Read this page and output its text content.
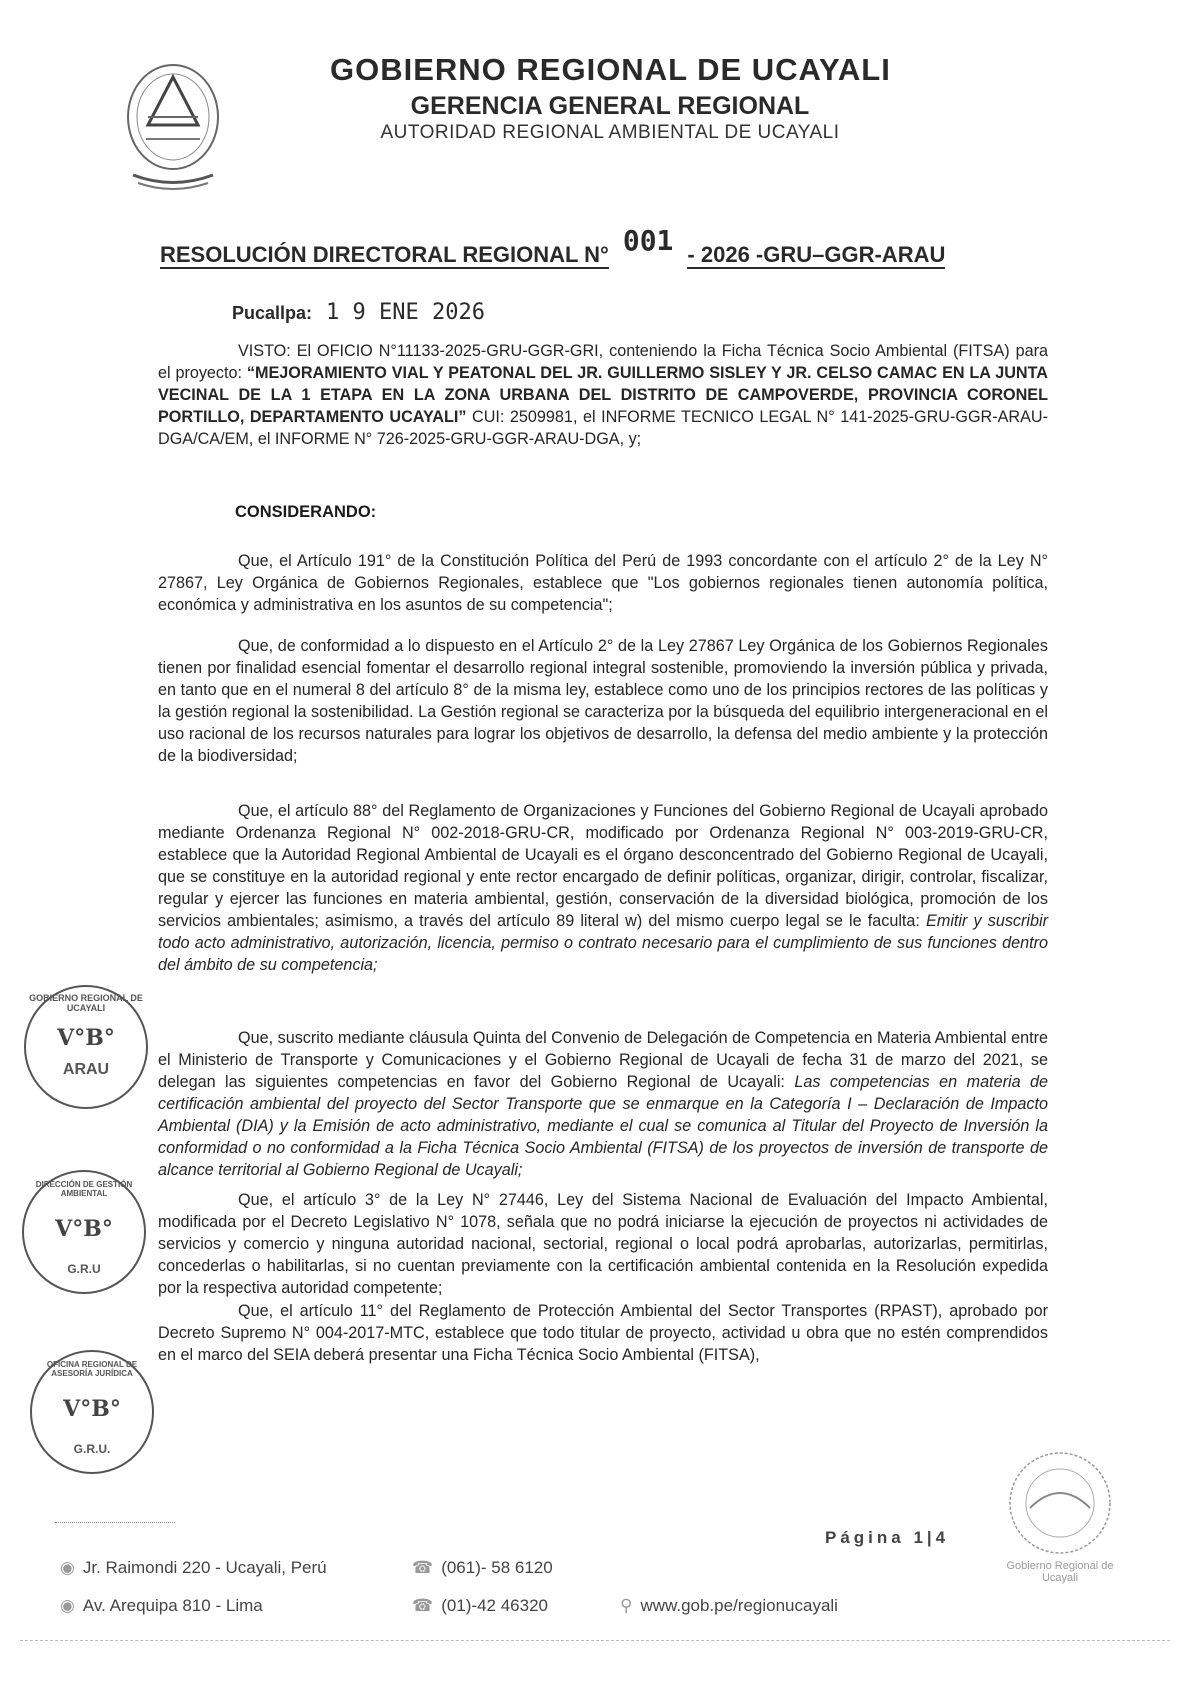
GOBIERNO REGIONAL DE UCAYALI
GERENCIA GENERAL REGIONAL
AUTORIDAD REGIONAL AMBIENTAL DE UCAYALI
RESOLUCIÓN DIRECTORAL REGIONAL N° 001 - 2026 -GRU–GGR-ARAU
Pucallpa: 1 9 ENE 2026
VISTO: El OFICIO N°11133-2025-GRU-GGR-GRI, conteniendo la Ficha Técnica Socio Ambiental (FITSA) para el proyecto: “MEJORAMIENTO VIAL Y PEATONAL DEL JR. GUILLERMO SISLEY Y JR. CELSO CAMAC EN LA JUNTA VECINAL DE LA 1 ETAPA EN LA ZONA URBANA DEL DISTRITO DE CAMPOVERDE, PROVINCIA CORONEL PORTILLO, DEPARTAMENTO UCAYALI” CUI: 2509981, el INFORME TECNICO LEGAL N° 141-2025-GRU-GGR-ARAU-DGA/CA/EM, el INFORME N° 726-2025-GRU-GGR-ARAU-DGA, y;
CONSIDERANDO:
Que, el Artículo 191° de la Constitución Política del Perú de 1993 concordante con el artículo 2° de la Ley N° 27867, Ley Orgánica de Gobiernos Regionales, establece que "Los gobiernos regionales tienen autonomía política, económica y administrativa en los asuntos de su competencia";
Que, de conformidad a lo dispuesto en el Artículo 2° de la Ley 27867 Ley Orgánica de los Gobiernos Regionales tienen por finalidad esencial fomentar el desarrollo regional integral sostenible, promoviendo la inversión pública y privada, en tanto que en el numeral 8 del artículo 8° de la misma ley, establece como uno de los principios rectores de las políticas y la gestión regional la sostenibilidad. La Gestión regional se caracteriza por la búsqueda del equilibrio intergeneracional en el uso racional de los recursos naturales para lograr los objetivos de desarrollo, la defensa del medio ambiente y la protección de la biodiversidad;
Que, el artículo 88° del Reglamento de Organizaciones y Funciones del Gobierno Regional de Ucayali aprobado mediante Ordenanza Regional N° 002-2018-GRU-CR, modificado por Ordenanza Regional N° 003-2019-GRU-CR, establece que la Autoridad Regional Ambiental de Ucayali es el órgano desconcentrado del Gobierno Regional de Ucayali, que se constituye en la autoridad regional y ente rector encargado de definir políticas, organizar, dirigir, controlar, fiscalizar, regular y ejercer las funciones en materia ambiental, gestión, conservación de la diversidad biológica, promoción de los servicios ambientales; asimismo, a través del artículo 89 literal w) del mismo cuerpo legal se le faculta: Emitir y suscribir todo acto administrativo, autorización, licencia, permiso o contrato necesario para el cumplimiento de sus funciones dentro del ámbito de su competencia;
Que, suscrito mediante cláusula Quinta del Convenio de Delegación de Competencia en Materia Ambiental entre el Ministerio de Transporte y Comunicaciones y el Gobierno Regional de Ucayali de fecha 31 de marzo del 2021, se delegan las siguientes competencias en favor del Gobierno Regional de Ucayali: Las competencias en materia de certificación ambiental del proyecto del Sector Transporte que se enmarque en la Categoría I – Declaración de Impacto Ambiental (DIA) y la Emisión de acto administrativo, mediante el cual se comunica al Titular del Proyecto de Inversión la conformidad o no conformidad a la Ficha Técnica Socio Ambiental (FITSA) de los proyectos de inversión de transporte de alcance territorial al Gobierno Regional de Ucayali;
Que, el artículo 3° de la Ley N° 27446, Ley del Sistema Nacional de Evaluación del Impacto Ambiental, modificada por el Decreto Legislativo N° 1078, señala que no podrá iniciarse la ejecución de proyectos ni actividades de servicios y comercio y ninguna autoridad nacional, sectorial, regional o local podrá aprobarlas, autorizarlas, permitirlas, concederlas o habilitarlas, si no cuentan previamente con la certificación ambiental contenida en la Resolución expedida por la respectiva autoridad competente;
Que, el artículo 11° del Reglamento de Protección Ambiental del Sector Transportes (RPAST), aprobado por Decreto Supremo N° 004-2017-MTC, establece que todo titular de proyecto, actividad u obra que no estén comprendidos en el marco del SEIA deberá presentar una Ficha Técnica Socio Ambiental (FITSA),
GOBIERNO REGIONAL DE UCAYALI
V°B°
ARAU
DIRECCIÓN DE GESTIÓN AMBIENTAL
V°B°
G.R.U
OFICINA REGIONAL DE ASESORÍA JURÍDICA
V°B°
G.R.U.
Gobierno Regional de Ucayali
Página 1|4
◉ Jr. Raimondi 220 - Ucayali, Perú	☎ (061)- 58 6120
◉ Av. Arequipa 810 - Lima	☎ (01)-42 46320	⚲ www.gob.pe/regionucayali
